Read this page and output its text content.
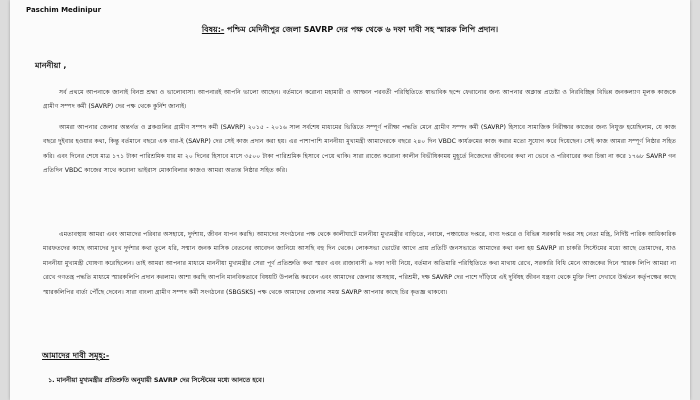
Paschim Medinipur
বিষয়:- পশ্চিম মেদিনীপুর জেলা SAVRP দের পক্ষ থেকে ৬ দফা দাবী সহ স্মারক লিপি প্রদান।
মাননীয়া ,
সর্ব প্রথমে আপনাকে জানাই বিনম্র শ্রদ্ধা ও ভালোবাসা। আপনারই আপনি ভালো আছেন। বর্তমানে করোনা মহামারী ও আম্ফান পরবর্তী পরিস্থিতিতে স্বাভাবিক ছন্দে ফেরানোর জন্য আপনার অক্লান্ত প্রচেষ্টা ও নিরবিচ্ছিন্ন বিভিন্ন জনকল্যাণ মূলক কাজকে গ্রামীণ সম্পদ কর্মী (SAVRP) দের পক্ষ থেকে কুর্নিশ জানাই।
আমরা আপনার জেলার অন্তর্গত ও ব্লকগুলির গ্রামীণ সম্পদ কর্মী (SAVRP) ২০১৫ - ২০১৬ সাল সর্বশেষ মাধ্যমের ভিত্তিতে সম্পূর্ণ পরীক্ষা পদ্ধতি মেনে গ্রামীণ সম্পদ কর্মী (SAVRP) হিসাবে সামাজিক নিরীক্ষার কাজের জন্য নিযুক্ত হয়েছিলাম, যে কাজ বছরে দুইবার হওয়ার কথা, কিন্তু বর্তমানে বছরে এক বার-ই (SAVRP) দের সেই কাজ প্রদান করা হয়। এর পাশাপাশি মাননীয়া মুখ্যমন্ত্রী আমাদেরকে বছরে ২৪০ দিন VBDC কার্যক্রমের কাজ করার মতো সুযোগ করে দিয়েছেন। সেই কাজ আমরা সম্পূর্ণ নিষ্ঠার সহিত করি। এবং দিনের শেষে মাত্র ১৭১ টাকা পারিশ্রমিক যার মা ২০ দিনের হিসাবে মাসে ৩৫০০ টাকা পারিশ্রমিক হিসাবে পেয়ে থাকি। সারা রাজ্যে করোনা কালীন বিভীষিকাময় মুহূর্তে নিজেদের জীবনের কথা না ভেবে ও পরিবারের কথা চিন্তা না করে ১৭৬৮ SAVRP গন প্রতিদিন VBDC কাজের সাথে করোনা ভাইরাস মোকাবিলার কাজও আমরা অত্যন্ত নিষ্ঠার সহিত করি।
এমতাবস্থায় আমরা এবং আমাদের পরিবার অসহায়ে, দুর্দশায়, জীবন যাপন করছি। আমাদের সংগঠনের পক্ষ থেকে কালীঘাটে মাননীয়া মুখ্যমন্ত্রীর বাড়িতে, নবান্নে, পঞ্চায়েত দপ্তরে, বাণ্য দপ্তরে ও বিভিন্ন সরকারি দপ্তর সহ নেতা মন্ত্রি, নির্দিষ্ট পারিক আধিকারিক মারফতদের কাছে আমাদের দুঃখ দুর্দশার কথা তুলে ধরি, সম্মান জনক মাসিক বেতনের আবেদন জানিয়ে আসছি বহু দিন থেকে। লোকসভা ভোটের আগে প্রায় প্রতিটি জনসভাতে আমাদের কথা বলা হয় SAVRP রা চাকরি সিস্টেমের মধ্যে আছে তোমাদের, যাও মাননীয়া মুখ্যমন্ত্রী ঘোষণা করেছিলেন। তাই আমরা আপনার মাধ্যমে মাননীয়া মুখ্যমন্ত্রীর সেরা পূর্ণ প্রতিশ্রুতি কথা স্মরণ এবং রাজ্যবাসী ৬ দফা দাবী নিয়ে, বর্তমান অতিমারি পরিস্থিতিতে কথা মাথায় রেখে, সরকারি বিধি মেনে আজকের দিনে স্মারক লিপি আমরা না রেখে গণতন্ত্র পদ্ধতি মাধ্যমে স্মারকলিপি প্রদান করলাম। আশা করছি আপনি মানবিকতাবে বিষয়টি উপলব্ধি করবেন এবং আমাদের জেলার অসহায়, পরিশ্রমী, দক্ষ SAVRP দের পাশে দাঁড়িয়ে এই দুর্বিষহ জীবন যন্ত্রণা থেকে মুক্তি দিশা দেখাবে উর্দ্ধতন কর্তৃপক্ষের কাছে স্মারকলিপির বার্তা পৌঁছে দেবেন। সারা বাংলা গ্রামীণ সম্পদ কর্মী সংগঠনের (SBGSKS) পক্ষ থেকে আমাদের জেলার সমস্ত SAVRP আপনার কাছে চির কৃতজ্ঞ থাকবো।
আমাদের দাবী সমূহ:-
১. মাননীয়া মুখ্যমন্ত্রীর প্রতিশ্রুতি অনুযায়ী SAVRP দের সিস্টেমের মধ্যে আনতে হবে।
